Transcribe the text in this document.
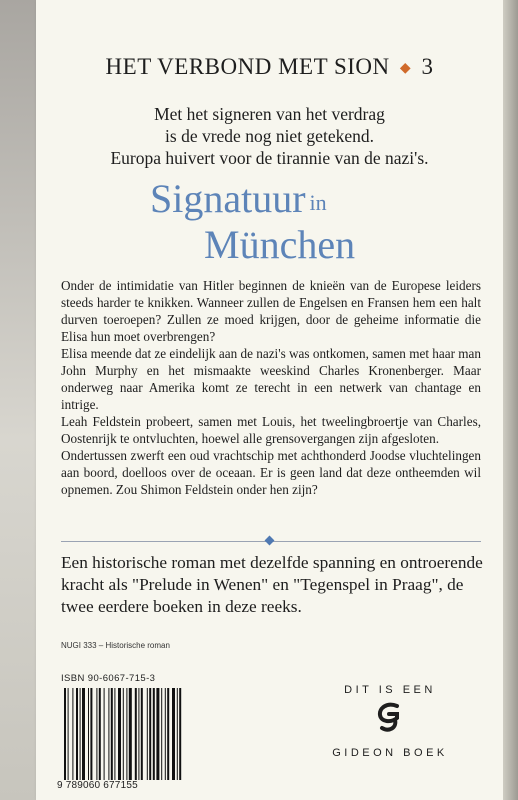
HET VERBOND MET SION ◆ 3
Met het signeren van het verdrag
is de vrede nog niet getekend.
Europa huivert voor de tirannie van de nazi's.
Signatuur in
München

Onder de intimidatie van Hitler beginnen de knieën van de Europese leiders steeds harder te knikken. Wanneer zullen de Engelsen en Fransen hem een halt durven toeroepen? Zullen ze moed krijgen, door de geheime informatie die Elisa hun moet overbrengen?

Elisa meende dat ze eindelijk aan de nazi's was ontkomen, samen met haar man John Murphy en het mismaakte weeskind Charles Kronenberger. Maar onderweg naar Amerika komt ze terecht in een netwerk van chantage en intrige.

Leah Feldstein probeert, samen met Louis, het tweelingbroertje van Charles, Oostenrijk te ontvluchten, hoewel alle grensovergangen zijn afgesloten.

Ondertussen zwerft een oud vrachtschip met achthonderd Joodse vluchtelingen aan boord, doelloos over de oceaan. Er is geen land dat deze ontheemden wil opnemen. Zou Shimon Feldstein onder hen zijn?

Een historische roman met dezelfde spanning en ontroerende kracht als "Prelude in Wenen" en "Tegenspel in Praag", de twee eerdere boeken in deze reeks.
NUGI 333 – Historische roman
ISBN 90-6067-715-3
9 789060 677155
DIT IS EEN
GIDEON BOEK
